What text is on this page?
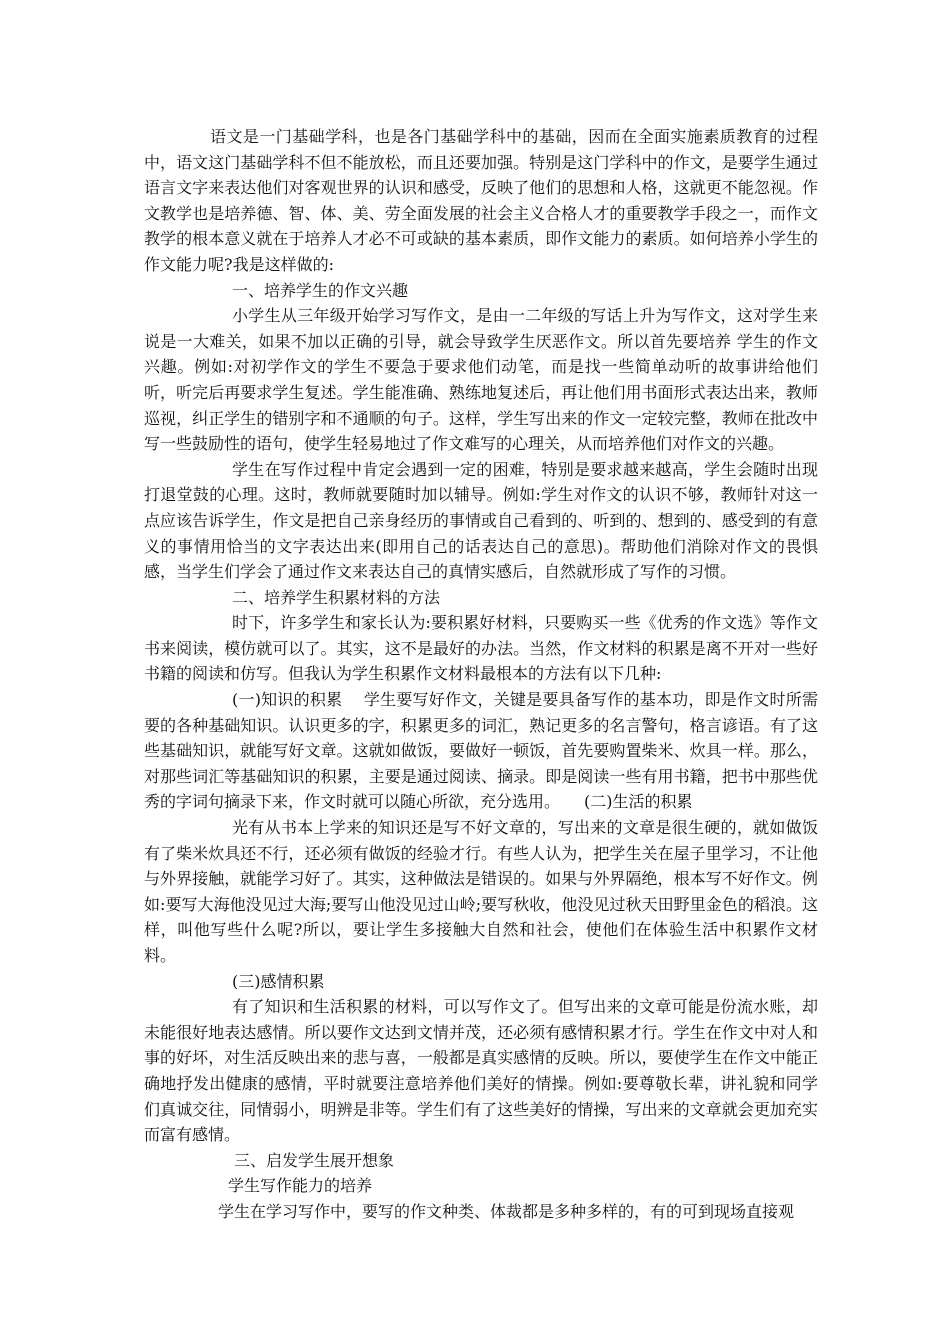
语文是一门基础学科，也是各门基础学科中的基础，因而在全面实施素质教育的过程中，语文这门基础学科不但不能放松，而且还要加强。特别是这门学科中的作文，是要学生通过语言文字来表达他们对客观世界的认识和感受，反映了他们的思想和人格，这就更不能忽视。作文教学也是培养德、智、体、美、劳全面发展的社会主义合格人才的重要教学手段之一，而作文教学的根本意义就在于培养人才必不可或缺的基本素质，即作文能力的素质。如何培养小学生的作文能力呢?我是这样做的:

一、培养学生的作文兴趣

小学生从三年级开始学习写作文，是由一二年级的写话上升为写作文，这对学生来说是一大难关，如果不加以正确的引导，就会导致学生厌恶作文。所以首先要培养 学生的作文兴趣。例如:对初学作文的学生不要急于要求他们动笔，而是找一些简单动听的故事讲给他们听，听完后再要求学生复述。学生能准确、熟练地复述后，再让他们用书面形式表达出来，教师巡视，纠正学生的错别字和不通顺的句子。这样，学生写出来的作文一定较完整，教师在批改中写一些鼓励性的语句，使学生轻易地过了作文难写的心理关，从而培养他们对作文的兴趣。

学生在写作过程中肯定会遇到一定的困难，特别是要求越来越高，学生会随时出现打退堂鼓的心理。这时，教师就要随时加以辅导。例如:学生对作文的认识不够，教师针对这一点应该告诉学生，作文是把自己亲身经历的事情或自己看到的、听到的、想到的、感受到的有意义的事情用恰当的文字表达出来(即用自己的话表达自己的意思)。帮助他们消除对作文的畏惧感，当学生们学会了通过作文来表达自己的真情实感后，自然就形成了写作的习惯。

二、培养学生积累材料的方法

时下，许多学生和家长认为:要积累好材料，只要购买一些《优秀的作文选》等作文书来阅读，模仿就可以了。其实，这不是最好的办法。当然，作文材料的积累是离不开对一些好书籍的阅读和仿写。但我认为学生积累作文材料最根本的方法有以下几种:

(一)知识的积累　 学生要写好作文，关键是要具备写作的基本功，即是作文时所需要的各种基础知识。认识更多的字，积累更多的词汇，熟记更多的名言警句，格言谚语。有了这些基础知识，就能写好文章。这就如做饭，要做好一顿饭，首先要购置柴米、炊具一样。那么，对那些词汇等基础知识的积累，主要是通过阅读、摘录。即是阅读一些有用书籍，把书中那些优秀的字词句摘录下来，作文时就可以随心所欲，充分选用。　　(二)生活的积累

光有从书本上学来的知识还是写不好文章的，写出来的文章是很生硬的，就如做饭有了柴米炊具还不行，还必须有做饭的经验才行。有些人认为，把学生关在屋子里学习，不让他与外界接触，就能学习好了。其实，这种做法是错误的。如果与外界隔绝，根本写不好作文。例如:要写大海他没见过大海;要写山他没见过山岭;要写秋收，他没见过秋天田野里金色的稻浪。这样，叫他写些什么呢?所以，要让学生多接触大自然和社会，使他们在体验生活中积累作文材料。

(三)感情积累

有了知识和生活积累的材料，可以写作文了。但写出来的文章可能是份流水账，却未能很好地表达感情。所以要作文达到文情并茂，还必须有感情积累才行。学生在作文中对人和事的好坏，对生活反映出来的悲与喜，一般都是真实感情的反映。所以，要使学生在作文中能正确地抒发出健康的感情，平时就要注意培养他们美好的情操。例如:要尊敬长辈，讲礼貌和同学们真诚交往，同情弱小，明辨是非等。学生们有了这些美好的情操，写出来的文章就会更加充实而富有感情。

三、启发学生展开想象

学生写作能力的培养

学生在学习写作中，要写的作文种类、体裁都是多种多样的，有的可到现场直接观
